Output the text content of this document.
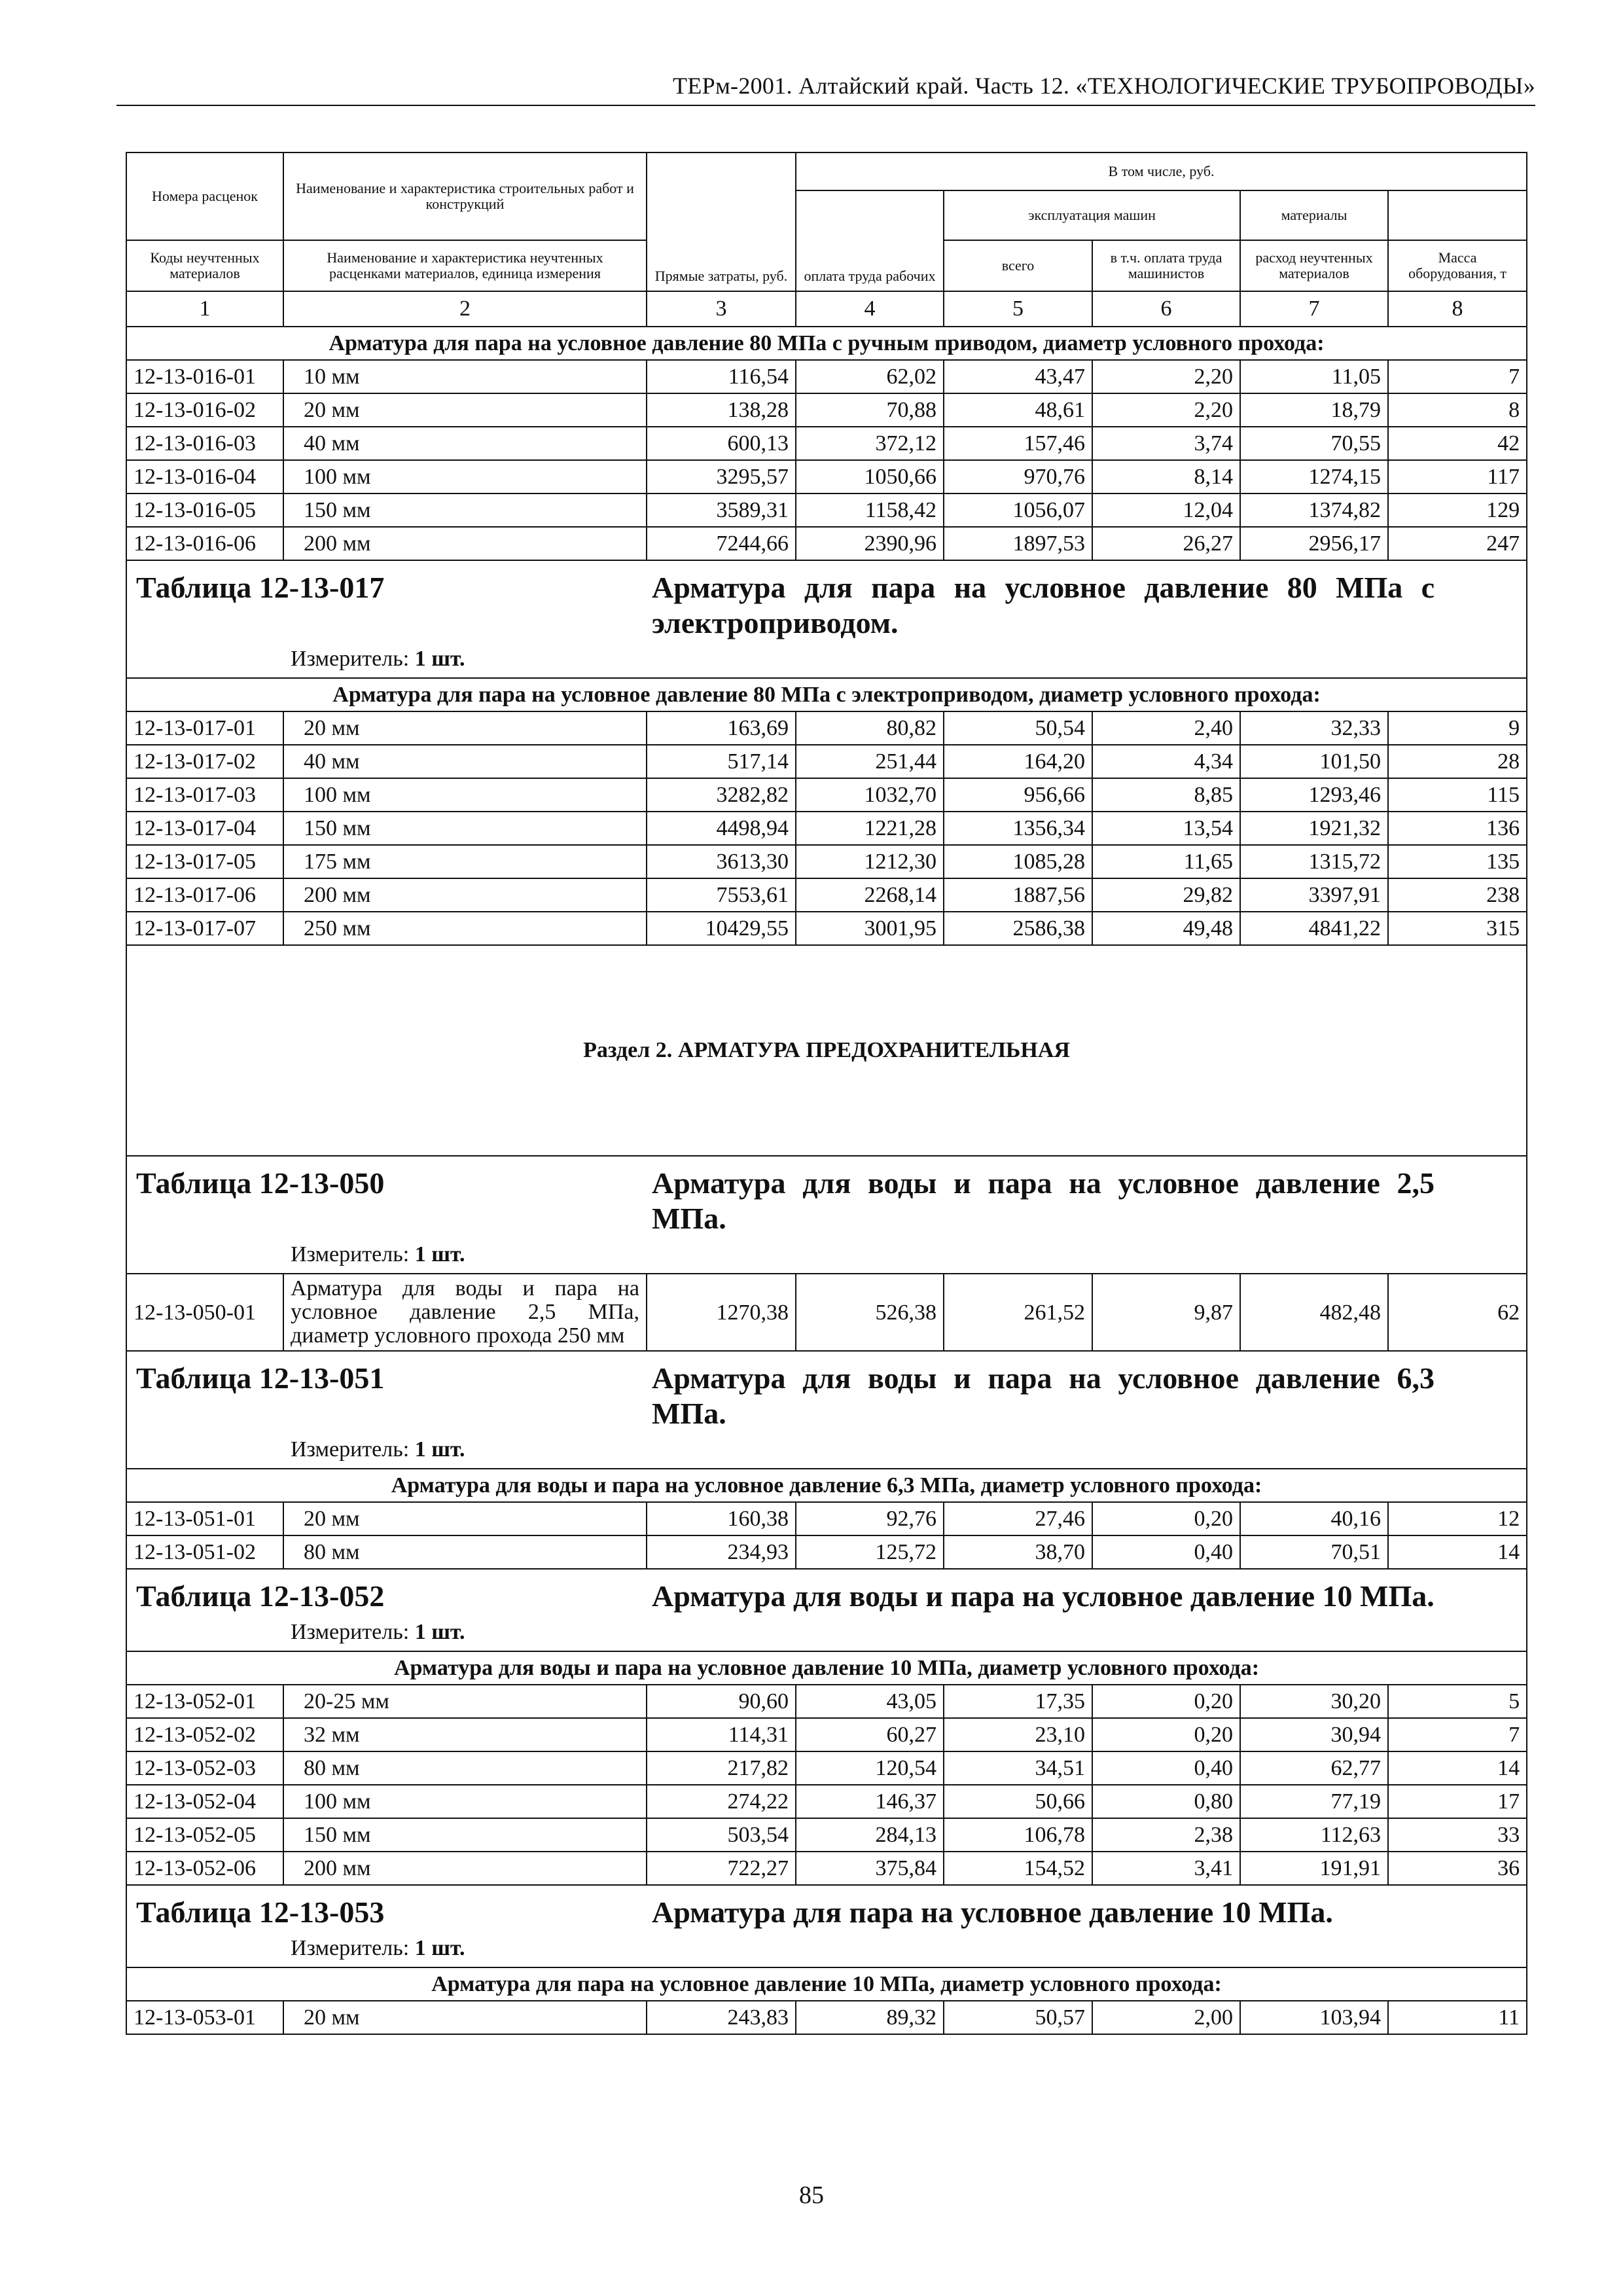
ТЕРм-2001. Алтайский край. Часть 12. «ТЕХНОЛОГИЧЕСКИЕ ТРУБОПРОВОДЫ»
Номера расценок	Наименование и характеристика строительных работ и конструкций	Прямые затраты, руб.	В том числе, руб.	
			оплата труда рабочих	эксплуатация машин		материалы		
Коды неучтенных материалов	Наименование и характеристика неучтенных расценками материалов, единица измерения			всего	в т.ч. оплата труда машинистов	расход неучтенных материалов	Масса оборудования, т	
1	2	3	4	5	6	7	8	
Арматура для пара на условное давление 80 МПа с ручным приводом, диаметр условного прохода:								
12-13-016-01	10 мм	116,54	62,02	43,47	2,20	11,05	7	
12-13-016-02	20 мм	138,28	70,88	48,61	2,20	18,79	8	
12-13-016-03	40 мм	600,13	372,12	157,46	3,74	70,55	42	
12-13-016-04	100 мм	3295,57	1050,66	970,76	8,14	1274,15	117	
12-13-016-05	150 мм	3589,31	1158,42	1056,07	12,04	1374,82	129	
12-13-016-06	200 мм	7244,66	2390,96	1897,53	26,27	2956,17	247	

Таблица 12-13-017 Арматура для пара на условное давление 80 МПа с электроприводом.
Измеритель: 1 шт.								

Арматура для пара на условное давление 80 МПа с электроприводом, диаметр условного прохода:								
12-13-017-01	20 мм	163,69	80,82	50,54	2,40	32,33	9	
12-13-017-02	40 мм	517,14	251,44	164,20	4,34	101,50	28	
12-13-017-03	100 мм	3282,82	1032,70	956,66	8,85	1293,46	115	
12-13-017-04	150 мм	4498,94	1221,28	1356,34	13,54	1921,32	136	
12-13-017-05	175 мм	3613,30	1212,30	1085,28	11,65	1315,72	135	
12-13-017-06	200 мм	7553,61	2268,14	1887,56	29,82	3397,91	238	
12-13-017-07	250 мм	10429,55	3001,95	2586,38	49,48	4841,22	315	
Раздел 2. АРМАТУРА ПРЕДОХРАНИТЕЛЬНАЯ								

Таблица 12-13-050 Арматура для воды и пара на условное давление 2,5 МПа.
Измеритель: 1 шт.								

12-13-050-01	Арматура для воды и пара на условное давление 2,5 МПа, диаметр условного прохода 250 мм	1270,38	526,38	261,52	9,87	482,48	62	

Таблица 12-13-051 Арматура для воды и пара на условное давление 6,3 МПа.
Измеритель: 1 шт.								

Арматура для воды и пара на условное давление 6,3 МПа, диаметр условного прохода:								
12-13-051-01	20 мм	160,38	92,76	27,46	0,20	40,16	12	
12-13-051-02	80 мм	234,93	125,72	38,70	0,40	70,51	14	

Таблица 12-13-052 Арматура для воды и пара на условное давление 10 МПа.
Измеритель: 1 шт.								

Арматура для воды и пара на условное давление 10 МПа, диаметр условного прохода:								
12-13-052-01	20-25 мм	90,60	43,05	17,35	0,20	30,20	5	
12-13-052-02	32 мм	114,31	60,27	23,10	0,20	30,94	7	
12-13-052-03	80 мм	217,82	120,54	34,51	0,40	62,77	14	
12-13-052-04	100 мм	274,22	146,37	50,66	0,80	77,19	17	
12-13-052-05	150 мм	503,54	284,13	106,78	2,38	112,63	33	
12-13-052-06	200 мм	722,27	375,84	154,52	3,41	191,91	36	

Таблица 12-13-053 Арматура для пара на условное давление 10 МПа.
Измеритель: 1 шт.								

Арматура для пара на условное давление 10 МПа, диаметр условного прохода:								
12-13-053-01	20 мм	243,83	89,32	50,57	2,00	103,94	11	
85
